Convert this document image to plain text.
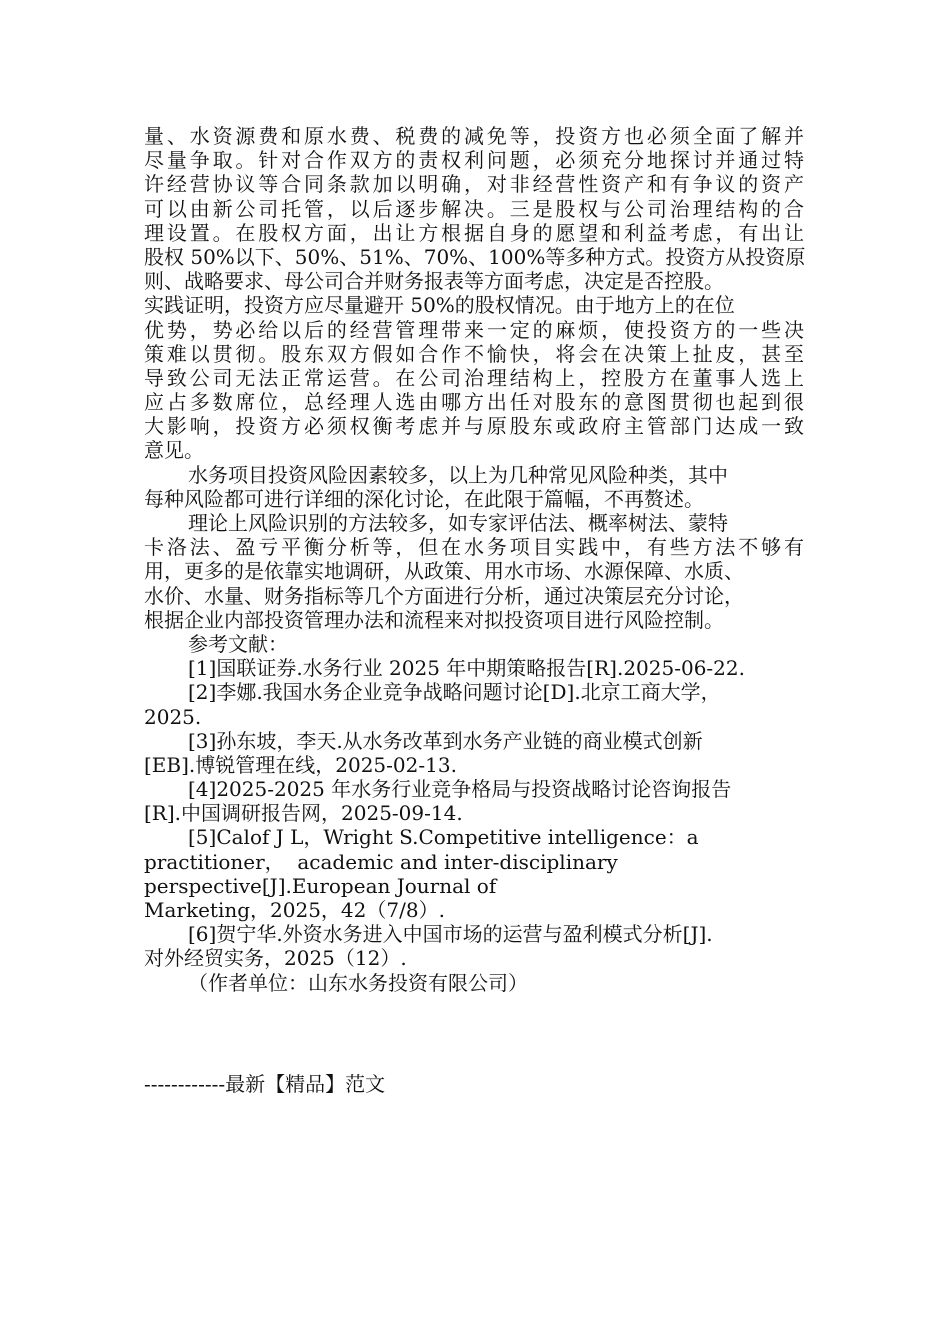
量、水资源费和原水费、税费的减免等，投资方也必须全面了解并
尽量争取。针对合作双方的责权利问题，必须充分地探讨并通过特
许经营协议等合同条款加以明确，对非经营性资产和有争议的资产
可以由新公司托管，以后逐步解决。三是股权与公司治理结构的合
理设置。在股权方面，出让方根据自身的愿望和利益考虑，有出让
股权 50%以下、50%、51%、70%、100%等多种方式。投资方从投资原
则、战略要求、母公司合并财务报表等方面考虑，决定是否控股。
实践证明，投资方应尽量避开 50%的股权情况。由于地方上的在位
优势，势必给以后的经营管理带来一定的麻烦，使投资方的一些决
策难以贯彻。股东双方假如合作不愉快，将会在决策上扯皮，甚至
导致公司无法正常运营。在公司治理结构上，控股方在董事人选上
应占多数席位，总经理人选由哪方出任对股东的意图贯彻也起到很
大影响，投资方必须权衡考虑并与原股东或政府主管部门达成一致
意见。
水务项目投资风险因素较多，以上为几种常见风险种类，其中
每种风险都可进行详细的深化讨论，在此限于篇幅，不再赘述。
理论上风险识别的方法较多，如专家评估法、概率树法、蒙特
卡洛法、盈亏平衡分析等，但在水务项目实践中，有些方法不够有
用，更多的是依靠实地调研，从政策、用水市场、水源保障、水质、
水价、水量、财务指标等几个方面进行分析，通过决策层充分讨论，
根据企业内部投资管理办法和流程来对拟投资项目进行风险控制。
参考文献：
[1]国联证券.水务行业 2025 年中期策略报告[R].2025-06-22.
[2]李娜.我国水务企业竞争战略问题讨论[D].北京工商大学，
2025.
[3]孙东坡，李天.从水务改革到水务产业链的商业模式创新
[EB].博锐管理在线，2025-02-13.
[4]2025-2025 年水务行业竞争格局与投资战略讨论咨询报告
[R].中国调研报告网，2025-09-14.
[5]Calof J L，Wright S.Competitive intelligence：a
practitioner，  academic and inter-disciplinary
perspective[J].European Journal of
Marketing，2025，42（7/8）.
[6]贺宁华.外资水务进入中国市场的运营与盈利模式分析[J].
对外经贸实务，2025（12）.
（作者单位：山东水务投资有限公司）
------------最新【精品】范文
